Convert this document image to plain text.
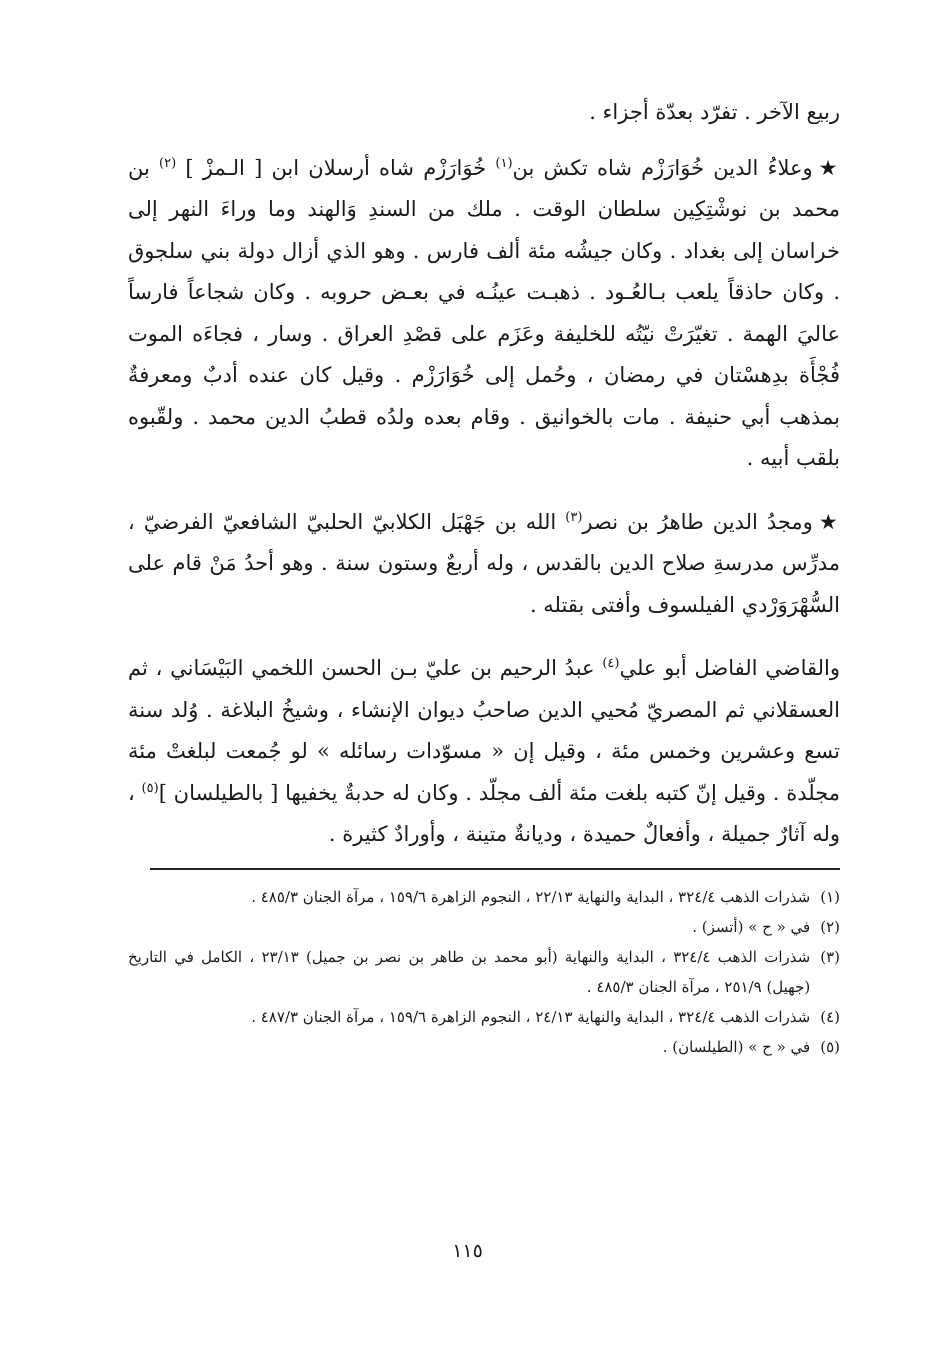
ربيع الآخر . تفرّد بعدّة أجزاء .

★وعلاءُ الدين خُوَارَزْم شاه تكش بن$^{(١)}$ خُوَارَزْم شاه أرسلان ابن [ الـمزْ ] $^{(٢)}$ بن محمد بن نوشْتِكِين سلطان الوقت . ملك من السندِ وَالهند وما وراءَ النهر إلى خراسان إلى بغداد . وكان جيشُه مئة ألف فارس . وهو الذي أزال دولة بني سلجوق . وكان حاذقاً يلعب بـالعُـود . ذهبـت عينُـه في بعـض حروبه . وكان شجاعاً فارساً عاليَ الهمة . تغيّرَتْ نيّتُه للخليفة وعَزَم على قصْدِ العراق . وسار ، فجاءَه الموت فُجْأَة بدِهسْتان في رمضان ، وحُمل إلى خُوَارَزْم . وقيل كان عنده أدبٌ ومعرفةٌ بمذهب أبي حنيفة . مات بالخوانيق . وقام بعده ولدُه قطبُ الدين محمد . ولقّبوه بلقب أبيه .

★ومجدُ الدين طاهرُ بن نصر$^{(٣)}$ الله بن جَهْبَل الكلابيّ الحلبيّ الشافعيّ الفرضيّ ، مدرِّس مدرسةِ صلاح الدين بالقدس ، وله أربعٌ وستون سنة . وهو أحدُ مَنْ قام على السُّهْرَوَرْدي الفيلسوف وأفتى بقتله .

والقاضي الفاضل أبو علي$^{(٤)}$ عبدُ الرحيم بن عليّ بـن الحسن اللخمي البَيْسَاني ، ثم العسقلاني ثم المصريّ مُحيي الدين صاحبُ ديوان الإنشاء ، وشيخُ البلاغة . وُلد سنة تسع وعشرين وخمس مئة ، وقيل إن « مسوّدات رسائله » لو جُمعت لبلغتْ مئة مجلّدة . وقيل إنّ كتبه بلغت مئة ألف مجلّد . وكان له حدبةٌ يخفيها [ بالطيلسان ]$^{(٥)}$ ، وله آثارٌ جميلة ، وأفعالٌ حميدة ، وديانةٌ متينة ، وأورادٌ كثيرة .

(١)
شذرات الذهب ٣٢٤/٤ ، البداية والنهاية ٢٢/١٣ ، النجوم الزاهرة ١٥٩/٦ ، مرآة الجنان ٤٨٥/٣ .
(٢)
في « ح » (أتسز) .
(٣)
شذرات الذهب ٣٢٤/٤ ، البداية والنهاية (أبو محمد بن طاهر بن نصر بن جميل) ٢٣/١٣ ، الكامل في التاريخ (جهيل) ٢٥١/٩ ، مرآة الجنان ٤٨٥/٣ .
(٤)
شذرات الذهب ٣٢٤/٤ ، البداية والنهاية ٢٤/١٣ ، النجوم الزاهرة ١٥٩/٦ ، مرآة الجنان ٤٨٧/٣ .
(٥)
في « ح » (الطيلسان) .
١١٥
